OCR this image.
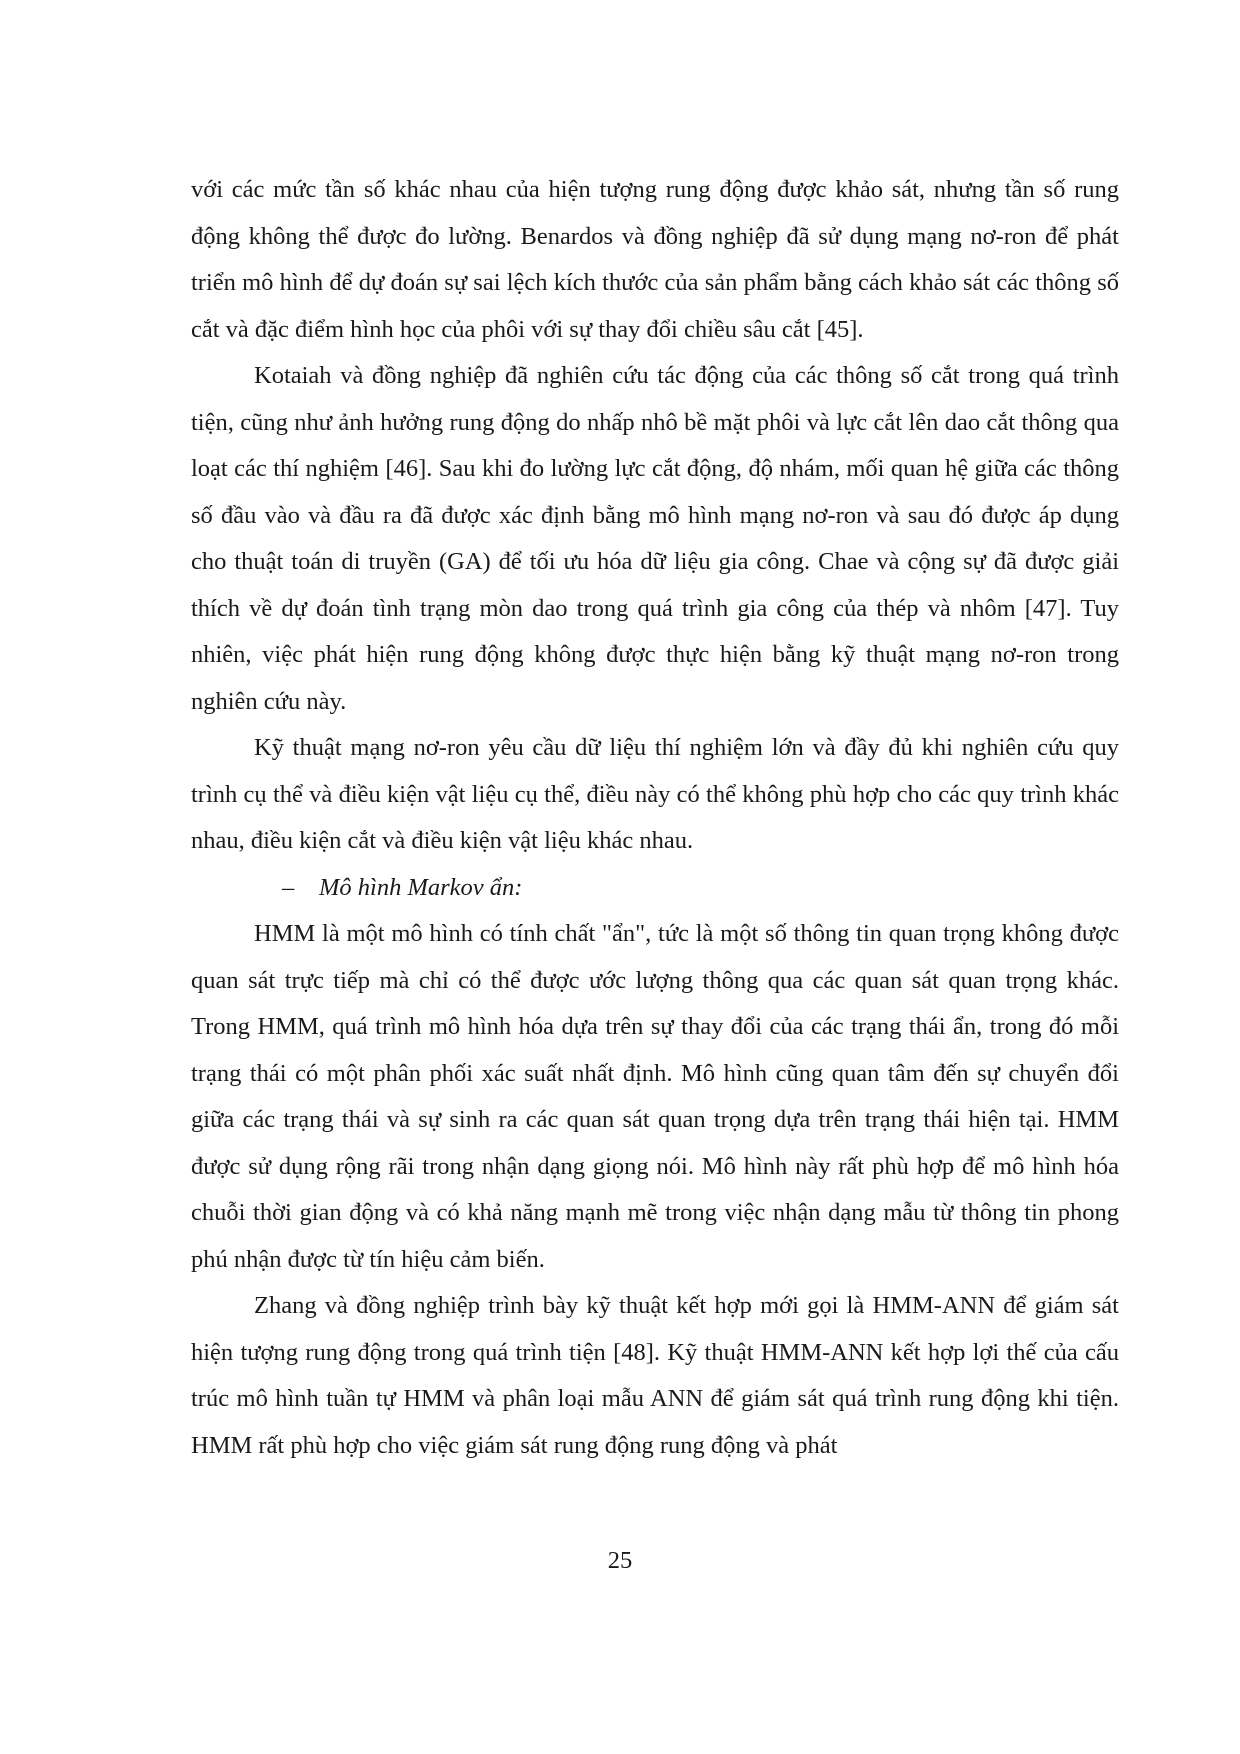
với các mức tần số khác nhau của hiện tượng rung động được khảo sát, nhưng tần số rung động không thể được đo lường. Benardos và đồng nghiệp đã sử dụng mạng nơ-ron để phát triển mô hình để dự đoán sự sai lệch kích thước của sản phẩm bằng cách khảo sát các thông số cắt và đặc điểm hình học của phôi với sự thay đổi chiều sâu cắt [45].

Kotaiah và đồng nghiệp đã nghiên cứu tác động của các thông số cắt trong quá trình tiện, cũng như ảnh hưởng rung động do nhấp nhô bề mặt phôi và lực cắt lên dao cắt thông qua loạt các thí nghiệm [46]. Sau khi đo lường lực cắt động, độ nhám, mối quan hệ giữa các thông số đầu vào và đầu ra đã được xác định bằng mô hình mạng nơ-ron và sau đó được áp dụng cho thuật toán di truyền (GA) để tối ưu hóa dữ liệu gia công. Chae và cộng sự đã được giải thích về dự đoán tình trạng mòn dao trong quá trình gia công của thép và nhôm [47]. Tuy nhiên, việc phát hiện rung động không được thực hiện bằng kỹ thuật mạng nơ-ron trong nghiên cứu này.

Kỹ thuật mạng nơ-ron yêu cầu dữ liệu thí nghiệm lớn và đầy đủ khi nghiên cứu quy trình cụ thể và điều kiện vật liệu cụ thể, điều này có thể không phù hợp cho các quy trình khác nhau, điều kiện cắt và điều kiện vật liệu khác nhau.

– Mô hình Markov ẩn:

HMM là một mô hình có tính chất "ẩn", tức là một số thông tin quan trọng không được quan sát trực tiếp mà chỉ có thể được ước lượng thông qua các quan sát quan trọng khác. Trong HMM, quá trình mô hình hóa dựa trên sự thay đổi của các trạng thái ẩn, trong đó mỗi trạng thái có một phân phối xác suất nhất định. Mô hình cũng quan tâm đến sự chuyển đổi giữa các trạng thái và sự sinh ra các quan sát quan trọng dựa trên trạng thái hiện tại. HMM được sử dụng rộng rãi trong nhận dạng giọng nói. Mô hình này rất phù hợp để mô hình hóa chuỗi thời gian động và có khả năng mạnh mẽ trong việc nhận dạng mẫu từ thông tin phong phú nhận được từ tín hiệu cảm biến.

Zhang và đồng nghiệp trình bày kỹ thuật kết hợp mới gọi là HMM-ANN để giám sát hiện tượng rung động trong quá trình tiện [48]. Kỹ thuật HMM-ANN kết hợp lợi thế của cấu trúc mô hình tuần tự HMM và phân loại mẫu ANN để giám sát quá trình rung động khi tiện. HMM rất phù hợp cho việc giám sát rung động rung động và phát

25
